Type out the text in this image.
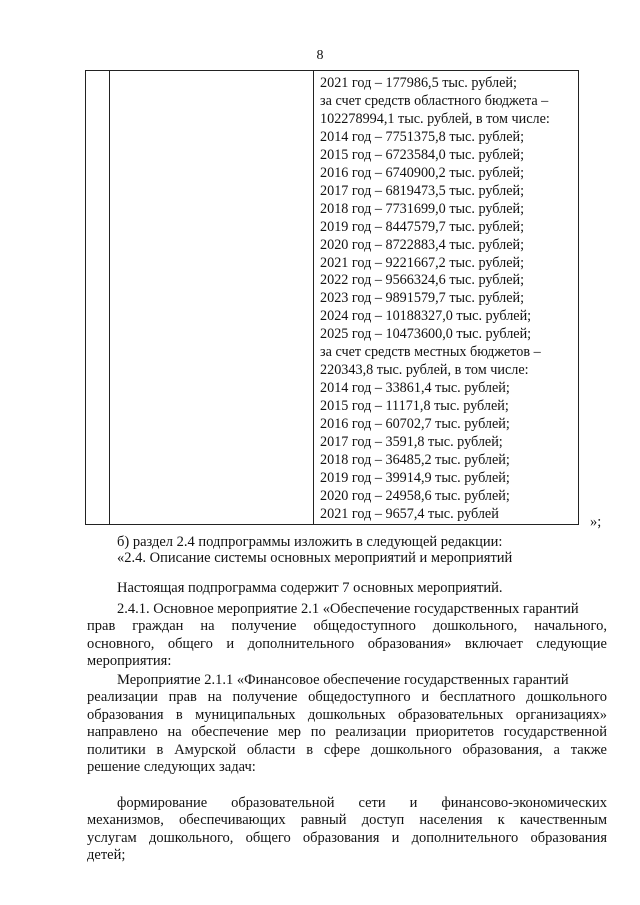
8

2021 год – 177986,5 тыс. рублей;
за счет средств областного бюджета –
102278994,1 тыс. рублей, в том числе:
2014 год – 7751375,8 тыс. рублей;
2015 год – 6723584,0 тыс. рублей;
2016 год – 6740900,2 тыс. рублей;
2017 год – 6819473,5 тыс. рублей;
2018 год – 7731699,0 тыс. рублей;
2019 год – 8447579,7 тыс. рублей;
2020 год – 8722883,4 тыс. рублей;
2021 год – 9221667,2 тыс. рублей;
2022 год – 9566324,6 тыс. рублей;
2023 год – 9891579,7 тыс. рублей;
2024 год – 10188327,0 тыс. рублей;
2025 год – 10473600,0 тыс. рублей;
за счет средств местных бюджетов –
220343,8 тыс. рублей, в том числе:
2014 год – 33861,4 тыс. рублей;
2015 год – 11171,8 тыс. рублей;
2016 год – 60702,7 тыс. рублей;
2017 год – 3591,8 тыс. рублей;
2018 год – 36485,2 тыс. рублей;
2019 год – 39914,9 тыс. рублей;
2020 год – 24958,6 тыс. рублей;
2021 год – 9657,4 тыс. рублей
»;
б) раздел 2.4 подпрограммы изложить в следующей редакции:
«2.4. Описание системы основных мероприятий и мероприятий
Настоящая подпрограмма содержит 7 основных мероприятий.
2.4.1. Основное мероприятие 2.1 «Обеспечение государственных гарантий
прав граждан на получение общедоступного дошкольного, начального,
основного, общего и дополнительного образования» включает следующие
мероприятия:
Мероприятие 2.1.1 «Финансовое обеспечение государственных гарантий
реализации прав на получение общедоступного и бесплатного дошкольного
образования в муниципальных дошкольных образовательных организациях»
направлено на обеспечение мер по реализации приоритетов государственной
политики в Амурской области в сфере дошкольного образования, а также
решение следующих задач:
формирование образовательной сети и финансово-экономических
механизмов, обеспечивающих равный доступ населения к качественным
услугам дошкольного, общего образования и дополнительного образования
детей;
